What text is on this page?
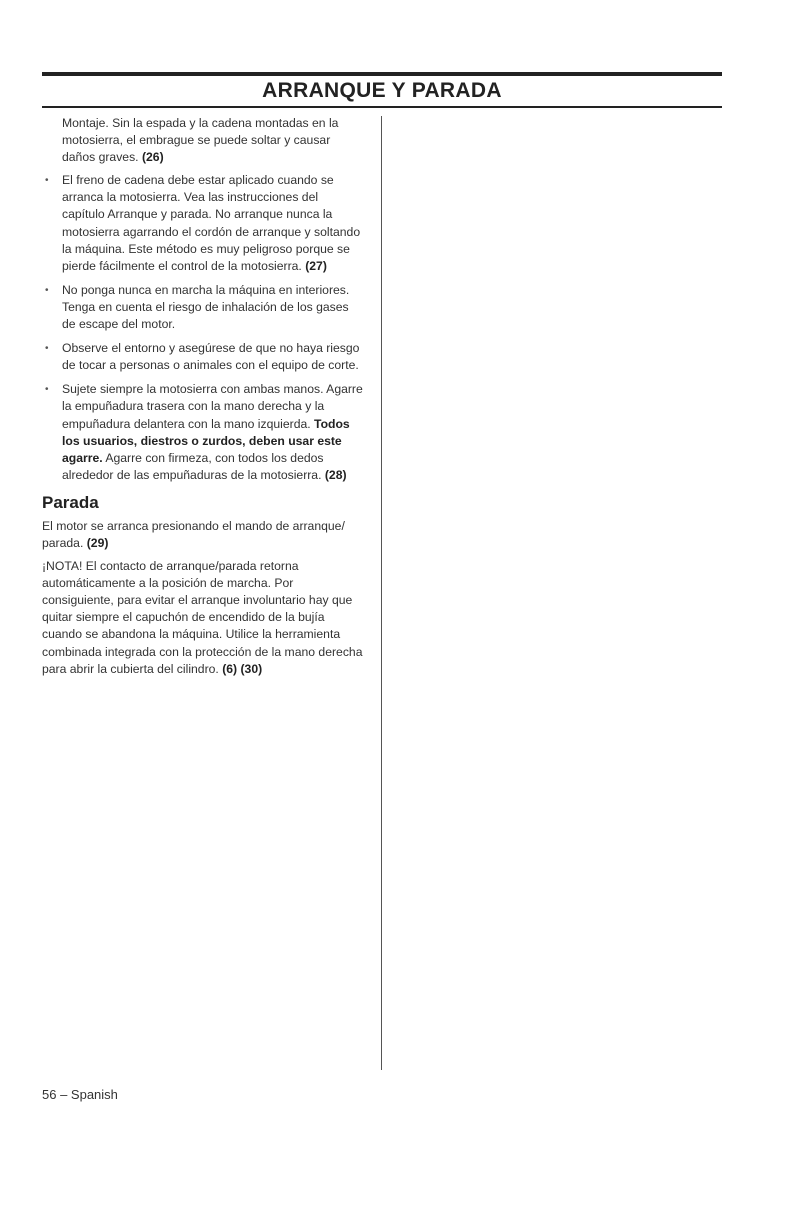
ARRANQUE Y PARADA

Montaje. Sin la espada y la cadena montadas en la motosierra, el embrague se puede soltar y causar daños graves. (26)

• El freno de cadena debe estar aplicado cuando se arranca la motosierra. Vea las instrucciones del capítulo Arranque y parada. No arranque nunca la motosierra agarrando el cordón de arranque y soltando la máquina. Este método es muy peligroso porque se pierde fácilmente el control de la motosierra. (27)
• No ponga nunca en marcha la máquina en interiores. Tenga en cuenta el riesgo de inhalación de los gases de escape del motor.
• Observe el entorno y asegúrese de que no haya riesgo de tocar a personas o animales con el equipo de corte.
• Sujete siempre la motosierra con ambas manos. Agarre la empuñadura trasera con la mano derecha y la empuñadura delantera con la mano izquierda. Todos los usuarios, diestros o zurdos, deben usar este agarre. Agarre con firmeza, con todos los dedos alrededor de las empuñaduras de la motosierra. (28)
Parada

El motor se arranca presionando el mando de arranque/ parada. (29)

¡NOTA! El contacto de arranque/parada retorna automáticamente a la posición de marcha. Por consiguiente, para evitar el arranque involuntario hay que quitar siempre el capuchón de encendido de la bujía cuando se abandona la máquina. Utilice la herramienta combinada integrada con la protección de la mano derecha para abrir la cubierta del cilindro. (6) (30)

56 – Spanish
